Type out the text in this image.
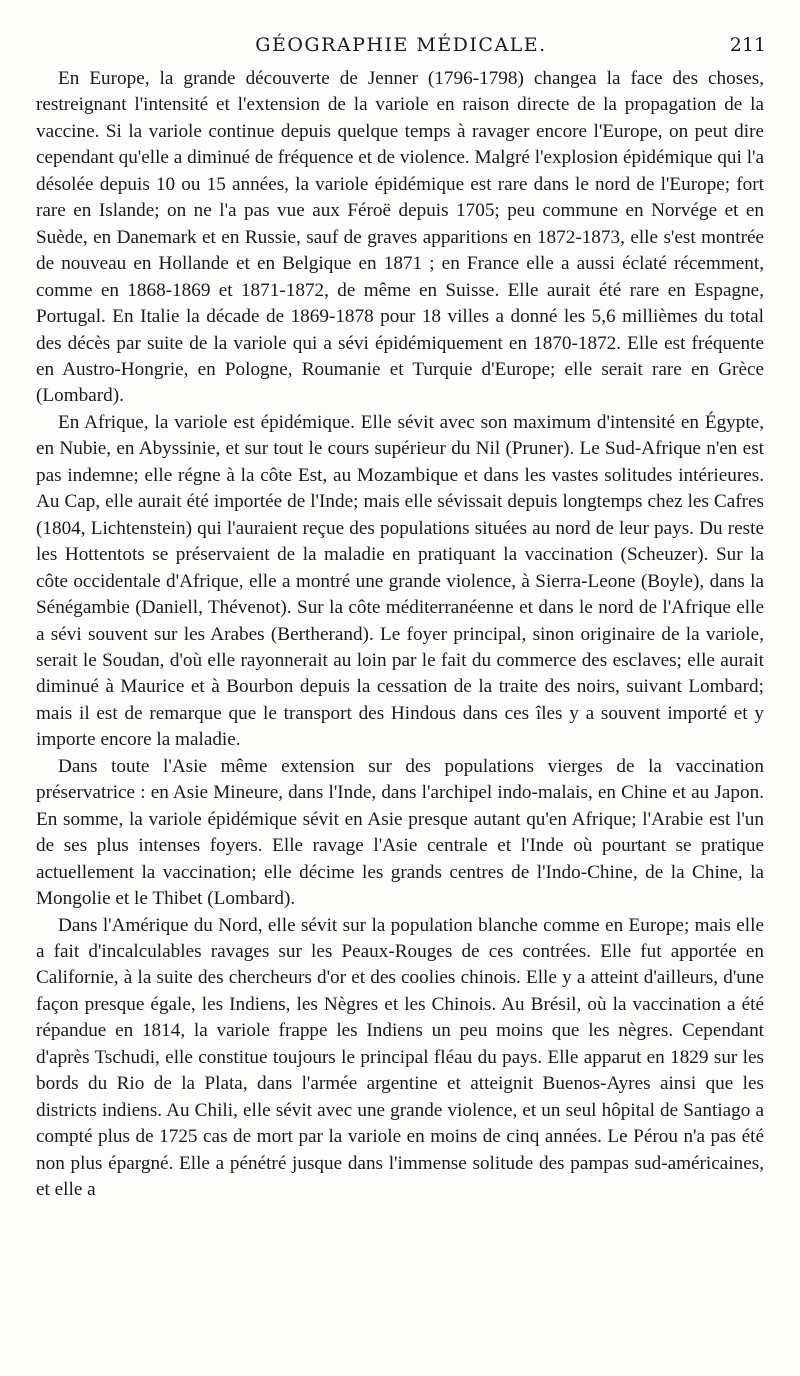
GÉOGRAPHIE MÉDICALE.	211

En Europe, la grande découverte de Jenner (1796-1798) changea la face des choses, restreignant l'intensité et l'extension de la variole en raison directe de la propagation de la vaccine. Si la variole continue depuis quelque temps à ravager encore l'Europe, on peut dire cependant qu'elle a diminué de fréquence et de violence. Malgré l'explosion épidémique qui l'a désolée depuis 10 ou 15 années, la variole épidémique est rare dans le nord de l'Europe; fort rare en Islande; on ne l'a pas vue aux Féroë depuis 1705; peu commune en Norvége et en Suède, en Danemark et en Russie, sauf de graves apparitions en 1872-1873, elle s'est montrée de nouveau en Hollande et en Belgique en 1871 ; en France elle a aussi éclaté récemment, comme en 1868-1869 et 1871-1872, de même en Suisse. Elle aurait été rare en Espagne, Portugal. En Italie la décade de 1869-1878 pour 18 villes a donné les 5,6 millièmes du total des décès par suite de la variole qui a sévi épidémiquement en 1870-1872. Elle est fréquente en Austro-Hongrie, en Pologne, Roumanie et Turquie d'Europe; elle serait rare en Grèce (Lombard).

En Afrique, la variole est épidémique. Elle sévit avec son maximum d'intensité en Égypte, en Nubie, en Abyssinie, et sur tout le cours supérieur du Nil (Pruner). Le Sud-Afrique n'en est pas indemne; elle régne à la côte Est, au Mozambique et dans les vastes solitudes intérieures. Au Cap, elle aurait été importée de l'Inde; mais elle sévissait depuis longtemps chez les Cafres (1804, Lichtenstein) qui l'auraient reçue des populations situées au nord de leur pays. Du reste les Hottentots se préservaient de la maladie en pratiquant la vaccination (Scheuzer). Sur la côte occidentale d'Afrique, elle a montré une grande violence, à Sierra-Leone (Boyle), dans la Sénégambie (Daniell, Thévenot). Sur la côte méditerranéenne et dans le nord de l'Afrique elle a sévi souvent sur les Arabes (Bertherand). Le foyer principal, sinon originaire de la variole, serait le Soudan, d'où elle rayonnerait au loin par le fait du commerce des esclaves; elle aurait diminué à Maurice et à Bourbon depuis la cessation de la traite des noirs, suivant Lombard; mais il est de remarque que le transport des Hindous dans ces îles y a souvent importé et y importe encore la maladie.

Dans toute l'Asie même extension sur des populations vierges de la vaccination préservatrice : en Asie Mineure, dans l'Inde, dans l'archipel indo-malais, en Chine et au Japon. En somme, la variole épidémique sévit en Asie presque autant qu'en Afrique; l'Arabie est l'un de ses plus intenses foyers. Elle ravage l'Asie centrale et l'Inde où pourtant se pratique actuellement la vaccination; elle décime les grands centres de l'Indo-Chine, de la Chine, la Mongolie et le Thibet (Lombard).

Dans l'Amérique du Nord, elle sévit sur la population blanche comme en Europe; mais elle a fait d'incalculables ravages sur les Peaux-Rouges de ces contrées. Elle fut apportée en Californie, à la suite des chercheurs d'or et des coolies chinois. Elle y a atteint d'ailleurs, d'une façon presque égale, les Indiens, les Nègres et les Chinois. Au Brésil, où la vaccination a été répandue en 1814, la variole frappe les Indiens un peu moins que les nègres. Cependant d'après Tschudi, elle constitue toujours le principal fléau du pays. Elle apparut en 1829 sur les bords du Rio de la Plata, dans l'armée argentine et atteignit Buenos-Ayres ainsi que les districts indiens. Au Chili, elle sévit avec une grande violence, et un seul hôpital de Santiago a compté plus de 1725 cas de mort par la variole en moins de cinq années. Le Pérou n'a pas été non plus épargné. Elle a pénétré jusque dans l'immense solitude des pampas sud-américaines, et elle a
